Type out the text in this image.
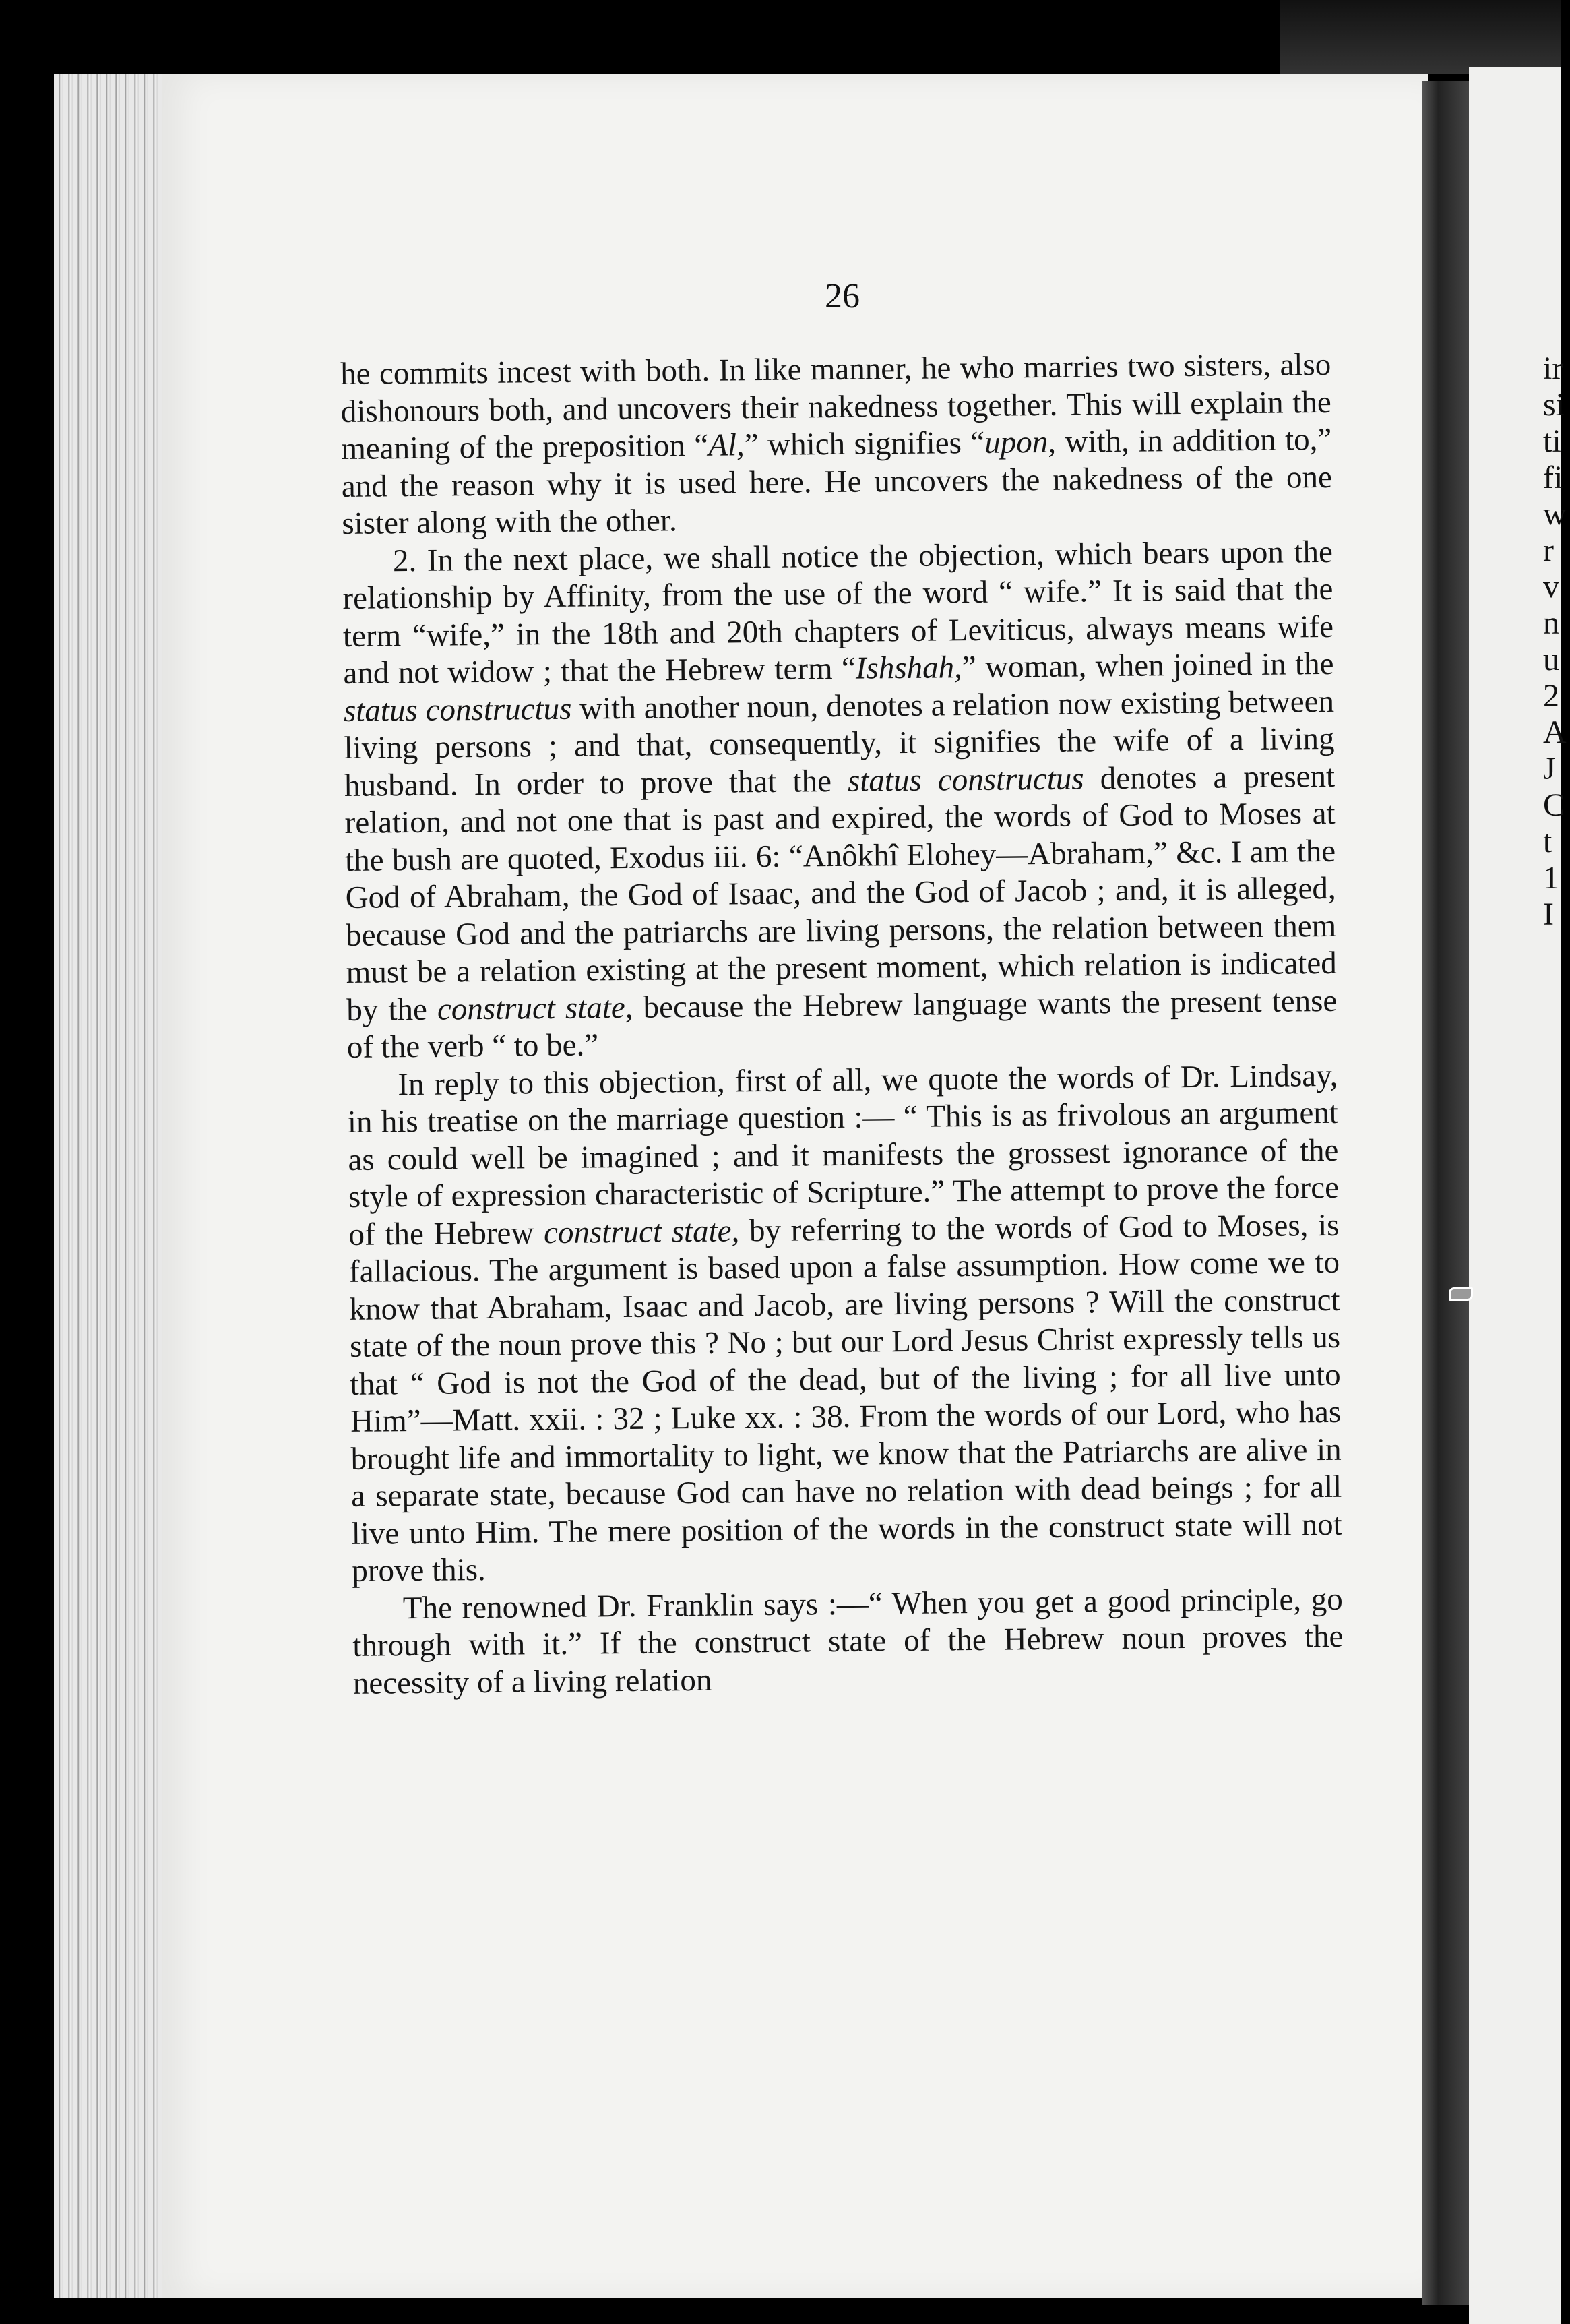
ir
si
ti
fi
w
r
v
n
u
2
A
J
C
t
1
I
26

he commits incest with both. In like manner, he who marries two sisters, also dishonours both, and uncovers their nakedness together. This will explain the meaning of the preposition “Al,” which signifies “upon, with, in addition to,” and the reason why it is used here. He uncovers the nakedness of the one sister along with the other.

2. In the next place, we shall notice the objection, which bears upon the relationship by Affinity, from the use of the word “ wife.” It is said that the term “wife,” in the 18th and 20th chapters of Leviticus, always means wife and not widow ; that the Hebrew term “Ishshah,” woman, when joined in the status constructus with another noun, denotes a relation now existing between living persons ; and that, consequently, it signifies the wife of a living husband. In order to prove that the status constructus denotes a present relation, and not one that is past and expired, the words of God to Moses at the bush are quoted, Exodus iii. 6: “Anôkhî Elohey—Abraham,” &c. I am the God of Abraham, the God of Isaac, and the God of Jacob ; and, it is alleged, because God and the patriarchs are living persons, the relation between them must be a relation existing at the present moment, which relation is indicated by the construct state, because the Hebrew language wants the present tense of the verb “ to be.”

In reply to this objection, first of all, we quote the words of Dr. Lindsay, in his treatise on the marriage question :— “ This is as frivolous an argument as could well be imagined ; and it manifests the grossest ignorance of the style of expression characteristic of Scripture.” The attempt to prove the force of the Hebrew construct state, by referring to the words of God to Moses, is fallacious. The argument is based upon a false assumption. How come we to know that Abraham, Isaac and Jacob, are living persons ? Will the construct state of the noun prove this ? No ; but our Lord Jesus Christ expressly tells us that “ God is not the God of the dead, but of the living ; for all live unto Him”—Matt. xxii. : 32 ; Luke xx. : 38. From the words of our Lord, who has brought life and immortality to light, we know that the Patriarchs are alive in a separate state, because God can have no relation with dead beings ; for all live unto Him. The mere position of the words in the construct state will not prove this.

The renowned Dr. Franklin says :—“ When you get a good principle, go through with it.” If the construct state of the Hebrew noun proves the necessity of a living relation
